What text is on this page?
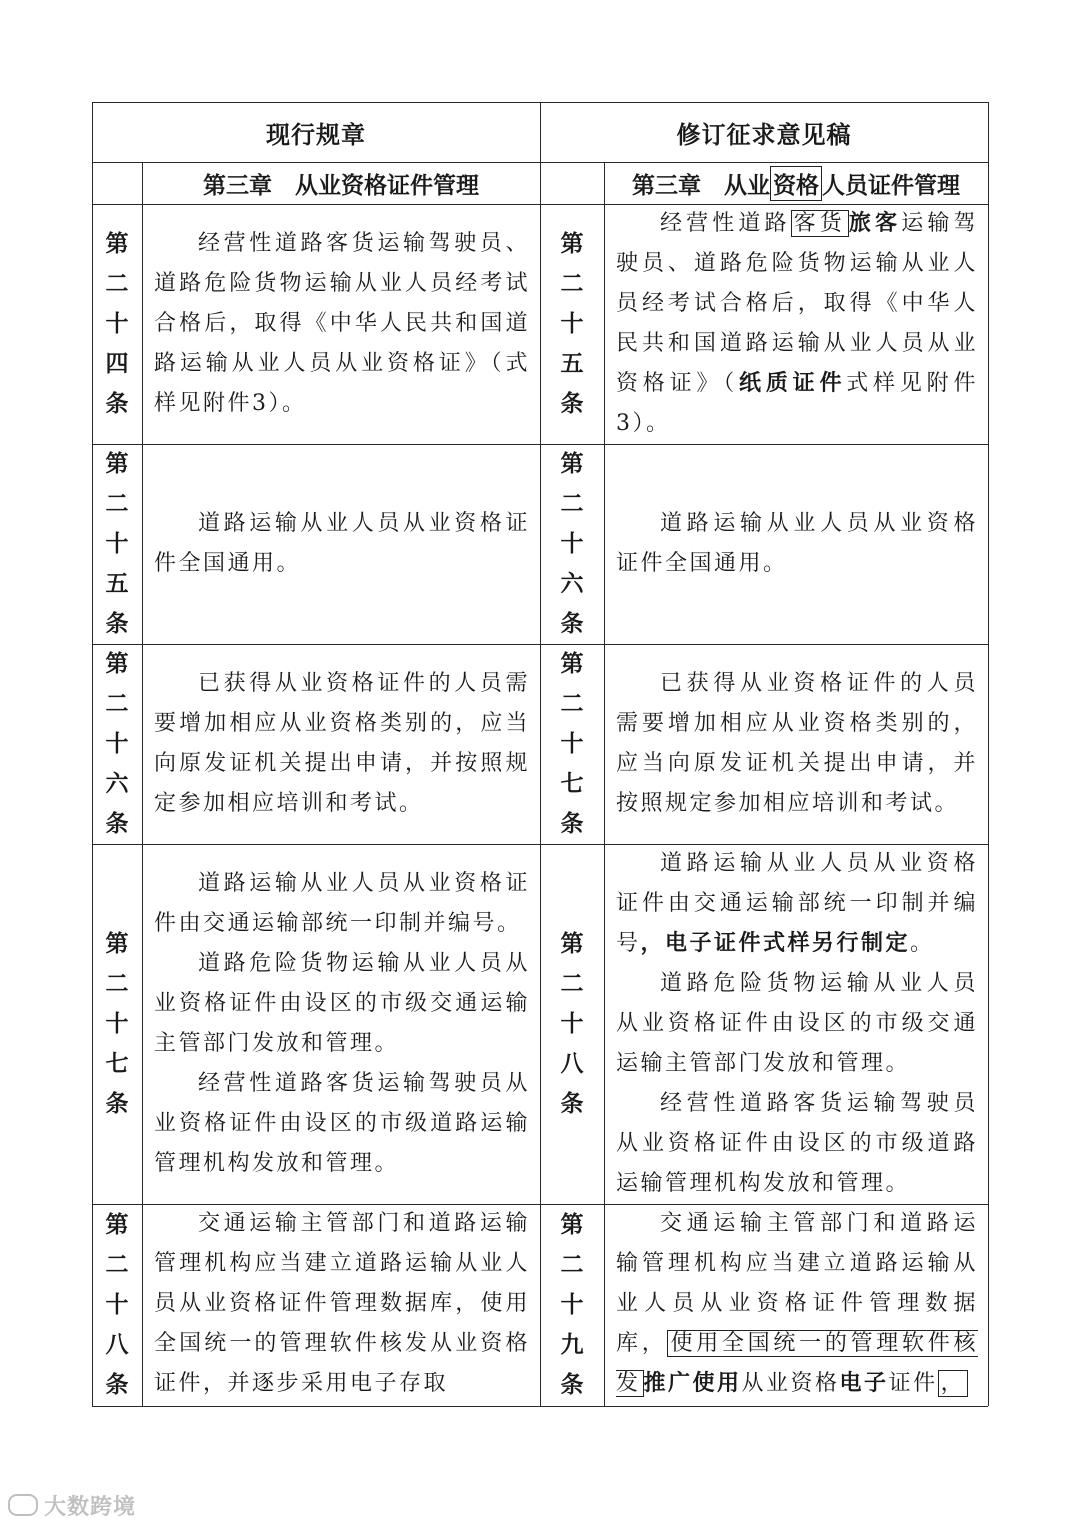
现行规章	修订征求意见稿
第三章　从业资格证件管理	第三章　从业 资格 人员证件管理
第
二
十
四
条

经营性道路客货运输驾驶员、道路危险货物运输从业人员经考试合格后，取得《中华人民共和国道路运输从业人员从业资格证》（式样见附件3）。

第
二
十
五
条

经营性道路 客货 旅客运输驾驶员、道路危险货物运输从业人员经考试合格后，取得《中华人民共和国道路运输从业人员从业资格证》（纸质证件式样见附件3）。

第
二
十
五
条

道路运输从业人员从业资格证件全国通用。

第
二
十
六
条

道路运输从业人员从业资格证件全国通用。

第
二
十
六
条

已获得从业资格证件的人员需要增加相应从业资格类别的，应当向原发证机关提出申请，并按照规定参加相应培训和考试。

第
二
十
七
条

已获得从业资格证件的人员需要增加相应从业资格类别的，应当向原发证机关提出申请，并按照规定参加相应培训和考试。

第
二
十
七
条

道路运输从业人员从业资格证件由交通运输部统一印制并编号。

道路危险货物运输从业人员从业资格证件由设区的市级交通运输主管部门发放和管理。

经营性道路客货运输驾驶员从业资格证件由设区的市级道路运输管理机构发放和管理。

第
二
十
八
条

道路运输从业人员从业资格证件由交通运输部统一印制并编号，电子证件式样另行制定。

道路危险货物运输从业人员从业资格证件由设区的市级交通运输主管部门发放和管理。

经营性道路客货运输驾驶员从业资格证件由设区的市级道路运输管理机构发放和管理。

第
二
十
八
条

交通运输主管部门和道路运输管理机构应当建立道路运输从业人员从业资格证件管理数据库，使用全国统一的管理软件核发从业资格证件，并逐步采用电子存取

第
二
十
九
条

交通运输主管部门和道路运输管理机构应当建立道路运输从业人员从业资格证件管理数据库， 使用全国统一的管理软件核发 推广使用从业资格电子证件 ，

大数跨境
